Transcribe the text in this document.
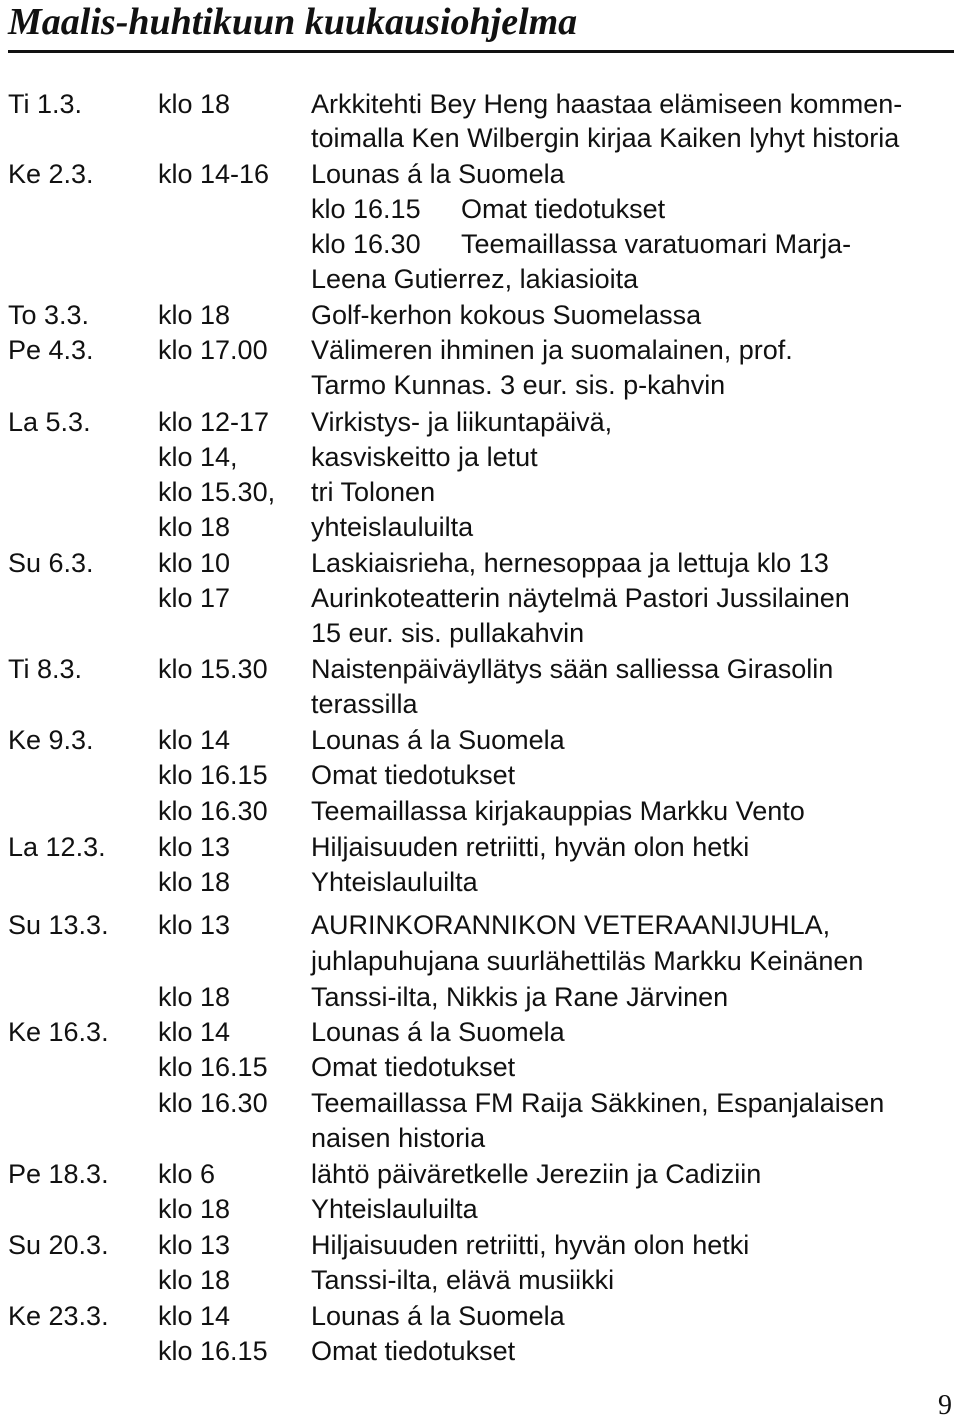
Maalis-huhtikuun kuukausiohjelma
Ti 1.3.	klo 18	Arkkitehti Bey Heng haastaa elämiseen kommen-
toimalla Ken Wilbergin kirjaa Kaiken lyhyt historia
Ke 2.3. klo 14-16 Lounas á la Suomela
klo 16.15 Omat tiedotukset
klo 16.30 Teemaillassa varatuomari Marja-
Leena Gutierrez, lakiasioita
To 3.3.	klo 18	Golf-kerhon kokous Suomelassa
Pe 4.3. klo 17.00 Välimeren ihminen ja suomalainen, prof.
Tarmo Kunnas. 3 eur. sis. p-kahvin
La 5.3. klo 12-17 Virkistys- ja liikuntapäivä,
klo 14,	kasviskeitto ja letut
klo 15.30, tri Tolonen
klo 18	yhteislauluilta
Su 6.3. klo 10	Laskiaisrieha, hernesoppaa ja lettuja klo 13
klo 17	Aurinkoteatterin näytelmä Pastori Jussilainen
15 eur. sis. pullakahvin
Ti 8.3.	klo 15.30 Naistenpäiväyllätys sään salliessa Girasolin
terassilla
Ke 9.3. klo 14	Lounas á la Suomela
klo 16.15 Omat tiedotukset
klo 16.30 Teemaillassa kirjakauppias Markku Vento
La 12.3. klo 13	Hiljaisuuden retriitti, hyvän olon hetki
klo 18	Yhteislauluilta
Su 13.3. klo 13	AURINKORANNIKON VETERAANIJUHLA,
juhlapuhujana suurlähettiläs Markku Keinänen
klo 18	Tanssi-ilta, Nikkis ja Rane Järvinen
Ke 16.3. klo 14	Lounas á la Suomela
klo 16.15 Omat tiedotukset
klo 16.30 Teemaillassa FM Raija Säkkinen, Espanjalaisen
naisen historia
Pe 18.3. klo 6	lähtö päiväretkelle Jereziin ja Cadiziin
klo 18	Yhteislauluilta
Su 20.3. klo 13	Hiljaisuuden retriitti, hyvän olon hetki
klo 18	Tanssi-ilta, elävä musiikki
Ke 23.3. klo 14	Lounas á la Suomela
klo 16.15 Omat tiedotukset
9
